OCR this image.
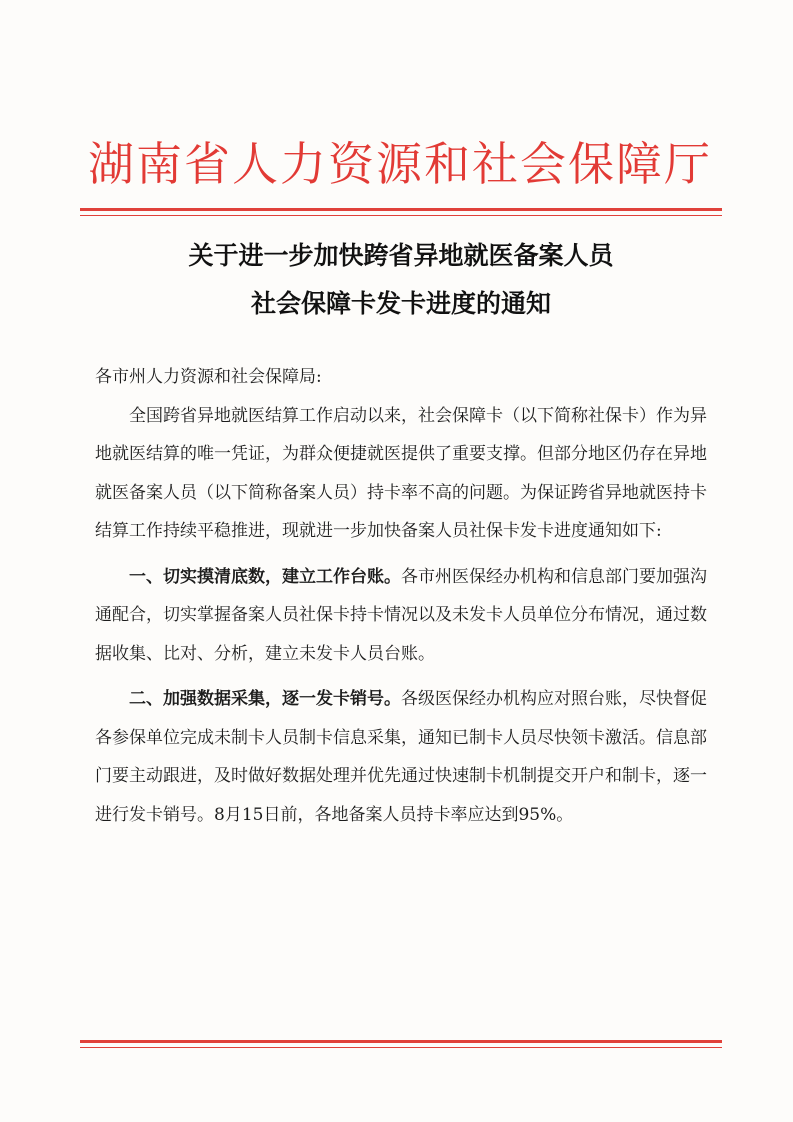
湖南省人力资源和社会保障厅
关于进一步加快跨省异地就医备案人员
社会保障卡发卡进度的通知

各市州人力资源和社会保障局:

全国跨省异地就医结算工作启动以来，社会保障卡（以下简称社保卡）作为异地就医结算的唯一凭证，为群众便捷就医提供了重要支撑。但部分地区仍存在异地就医备案人员（以下简称备案人员）持卡率不高的问题。为保证跨省异地就医持卡结算工作持续平稳推进，现就进一步加快备案人员社保卡发卡进度通知如下:

一、切实摸清底数，建立工作台账。各市州医保经办机构和信息部门要加强沟通配合，切实掌握备案人员社保卡持卡情况以及未发卡人员单位分布情况，通过数据收集、比对、分析，建立未发卡人员台账。

二、加强数据采集，逐一发卡销号。各级医保经办机构应对照台账，尽快督促各参保单位完成未制卡人员制卡信息采集，通知已制卡人员尽快领卡激活。信息部门要主动跟进，及时做好数据处理并优先通过快速制卡机制提交开户和制卡，逐一进行发卡销号。8月15日前，各地备案人员持卡率应达到95%。
